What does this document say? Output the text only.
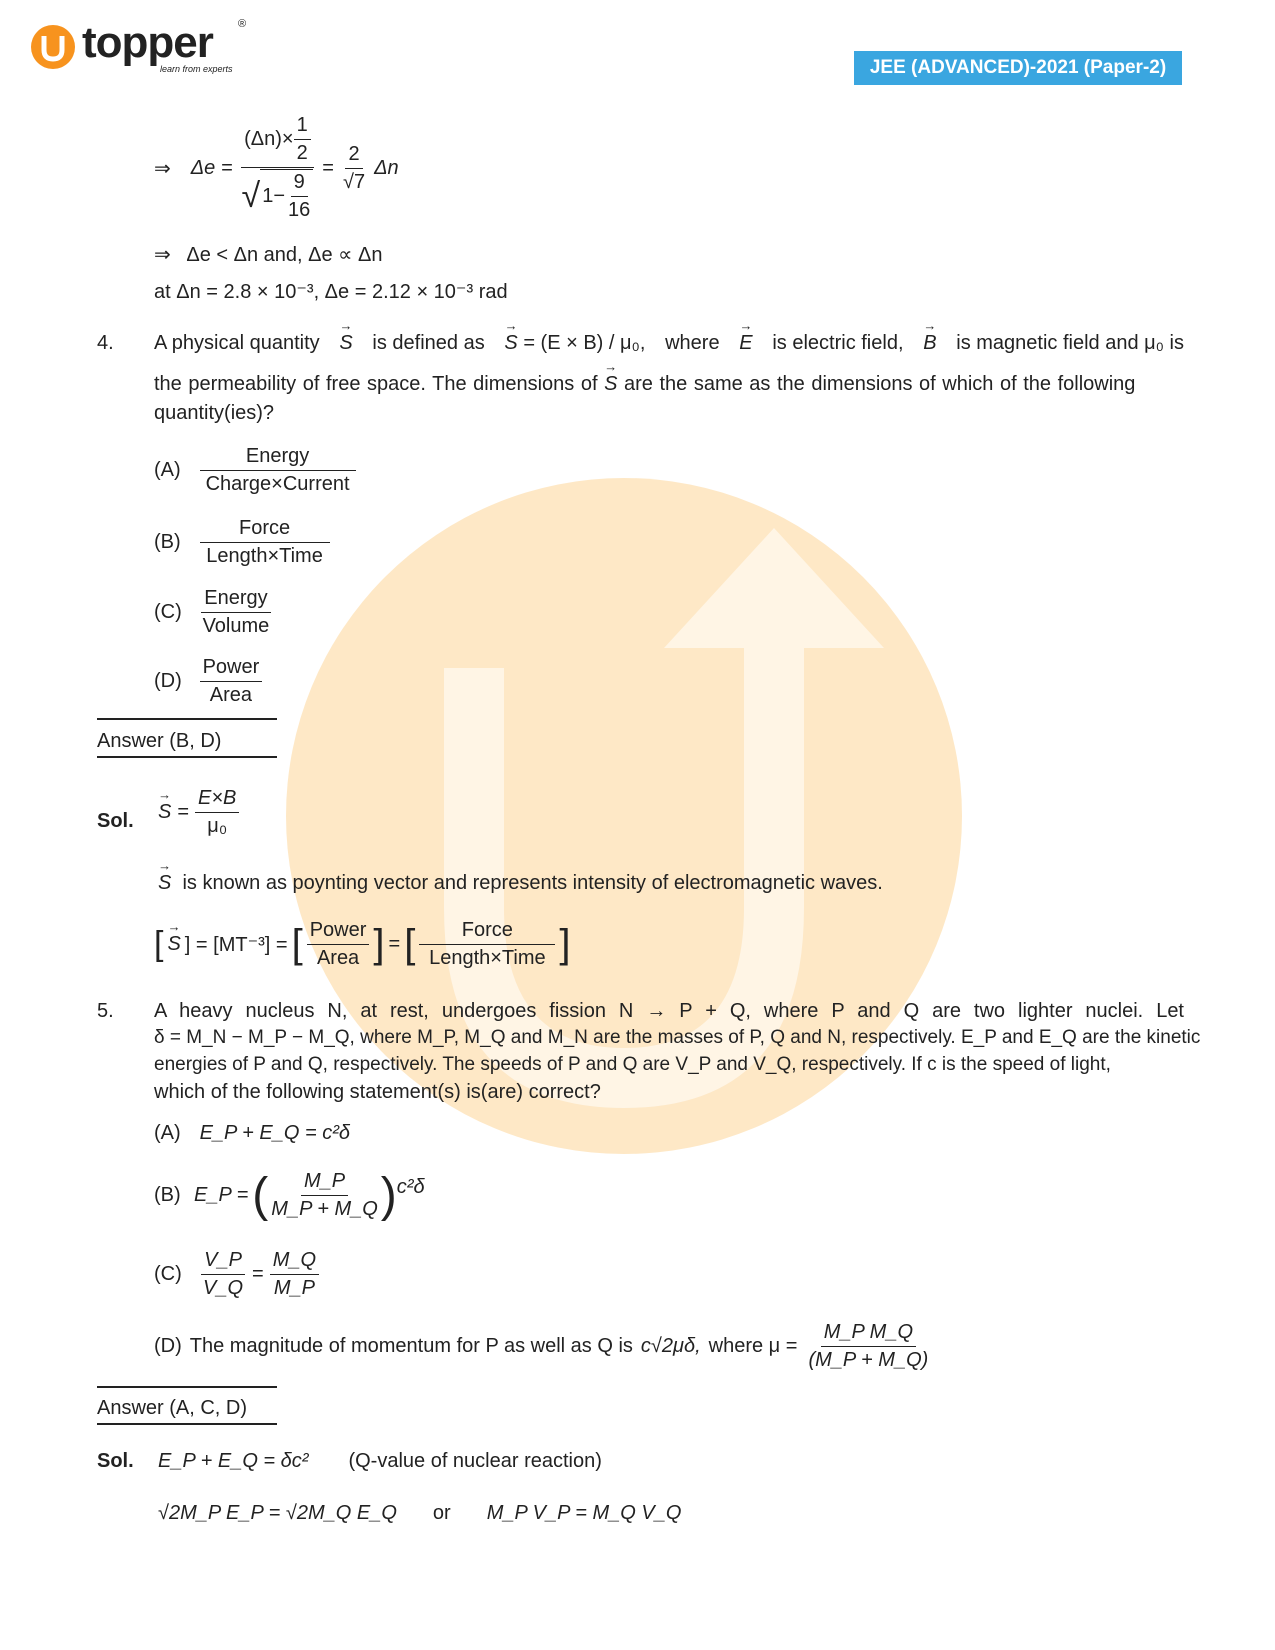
topper ®
learn from experts	JEE (ADVANCED)-2021 (Paper-2)
⇒ $\Delta e = \frac{(\Delta n)\times \frac{1}{2}}{√ 1- \frac{9}{16}} = \frac{2}{√7}$ Δn
⇒ Δe < Δn and, Δe ∝ Δn
at Δn = 2.8 × 10⁻³, Δe = 2.12 × 10⁻³ rad
4. A physical quantity → S is defined as → S = (E × B) / μ₀, where → E is electric field, → B is magnetic field and μ₀ is
the permeability of free space. The dimensions of → S are the same as the dimensions of which of the following
quantity(ies)?
$(A) \frac{\text{Energy}}{\text{Charge×Current}}$
$(B) \frac{\text{Force}}{\text{Length×Time}}$
$(C) \frac{\text{Energy}}{\text{Volume}}$
$(D) \frac{\text{Power}}{\text{Area}}$
Answer (B, D)
Sol. → $S = \frac{E\times B}{\text{μ₀}}$
→ S is known as poynting vector and represents intensity of electromagnetic waves.
[ → S ] = [MT⁻³] = [ $\frac{\text{Power}}{\text{Area}}$ ] = [ $\frac{\text{Force}}{\text{Length×Time}}$ ]
5. A heavy nucleus N, at rest, undergoes fission N → P + Q, where P and Q are two lighter nuclei. Let
δ = M_N − M_P − M_Q, where M_P, M_Q and M_N are the masses of P, Q and N, respectively. E_P and E_Q are the kinetic
energies of P and Q, respectively. The speeds of P and Q are V_P and V_Q, respectively. If c is the speed of light,
which of the following statement(s) is(are) correct?
(A) E_P + E_Q = c²δ
(B) E_P = ( $\frac{M\_P}{M\_P + M\_Q}$ ) c²δ
$(C) \frac{V\_P}{V\_Q} = \frac{M\_Q}{M\_P}$
(D) The magnitude of momentum for P as well as Q is c√2μδ, where $\mu = \frac{\text{M\_P M\_Q}}{(M\_P + M\_Q)}$
Answer (A, C, D)
Sol. E_P + E_Q = δc² (Q-value of nuclear reaction)
√2M_P E_P = √2M_Q E_Q or M_P V_P = M_Q V_Q
